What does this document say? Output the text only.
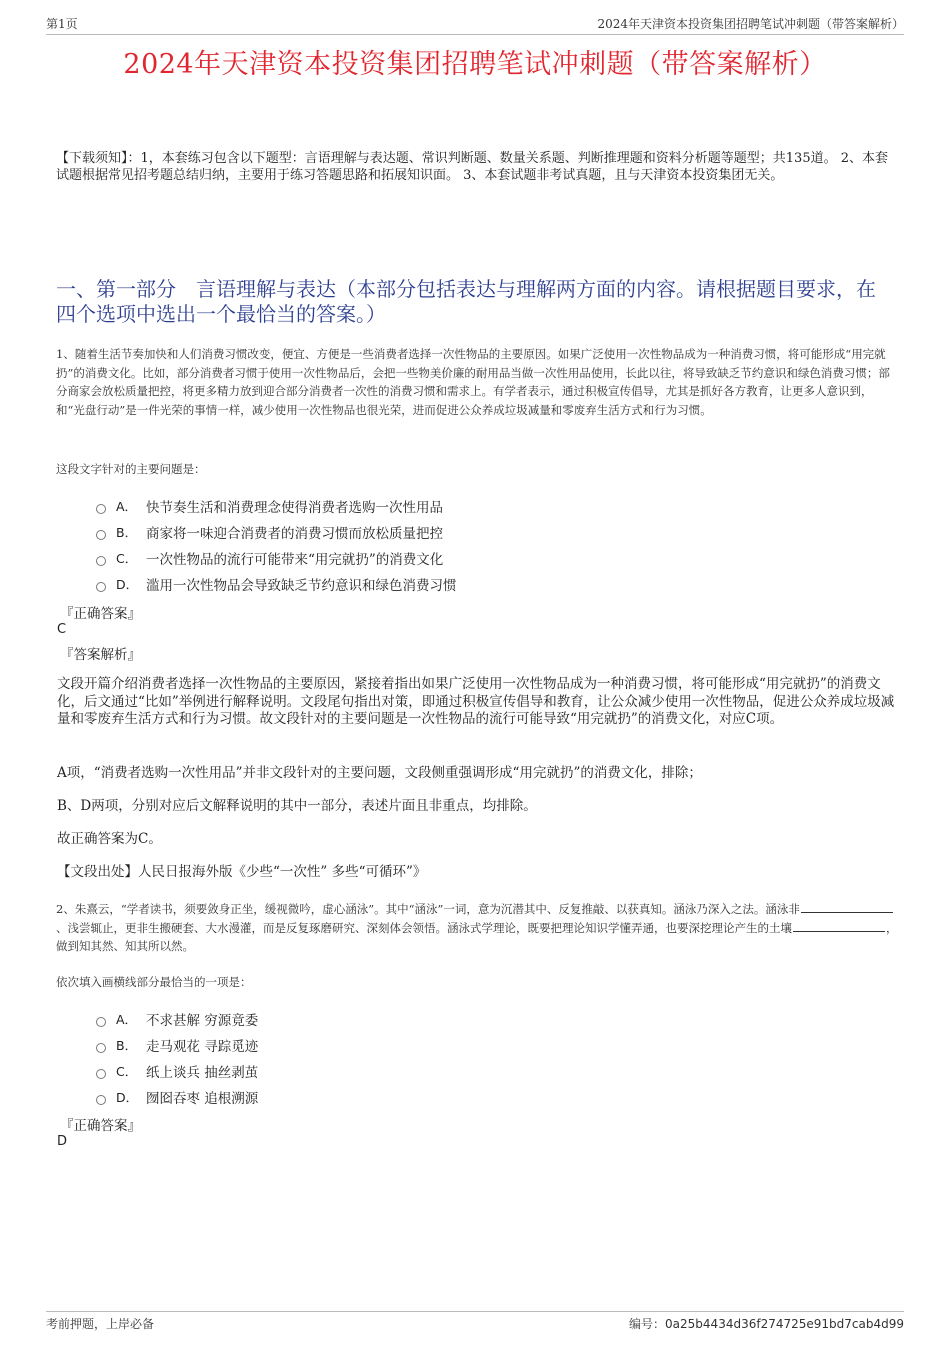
第1页	2024年天津资本投资集团招聘笔试冲刺题（带答案解析）
2024年天津资本投资集团招聘笔试冲刺题（带答案解析）
【下载须知】：1，本套练习包含以下题型：言语理解与表达题、常识判断题、数量关系题、判断推理题和资料分析题等题型；共135道。 2、本套试题根据常见招考题总结归纳，主要用于练习答题思路和拓展知识面。 3、本套试题非考试真题，且与天津资本投资集团无关。
一、第一部分　言语理解与表达（本部分包括表达与理解两方面的内容。请根据题目要求，在四个选项中选出一个最恰当的答案。）
1、随着生活节奏加快和人们消费习惯改变，便宜、方便是一些消费者选择一次性物品的主要原因。如果广泛使用一次性物品成为一种消费习惯，将可能形成“用完就扔”的消费文化。比如，部分消费者习惯于使用一次性物品后，会把一些物美价廉的耐用品当做一次性用品使用，长此以往，将导致缺乏节约意识和绿色消费习惯；部分商家会放松质量把控，将更多精力放到迎合部分消费者一次性的消费习惯和需求上。有学者表示，通过积极宣传倡导，尤其是抓好各方教育，让更多人意识到，和“光盘行动”是一件光荣的事情一样，减少使用一次性物品也很光荣，进而促进公众养成垃圾减量和零废弃生活方式和行为习惯。
这段文字针对的主要问题是：
A． 快节奏生活和消费理念使得消费者选购一次性用品
B． 商家将一味迎合消费者的消费习惯而放松质量把控
C． 一次性物品的流行可能带来“用完就扔”的消费文化
D． 滥用一次性物品会导致缺乏节约意识和绿色消费习惯
『正确答案』
C
『答案解析』
文段开篇介绍消费者选择一次性物品的主要原因，紧接着指出如果广泛使用一次性物品成为一种消费习惯，将可能形成“用完就扔”的消费文化，后文通过“比如”举例进行解释说明。文段尾句指出对策，即通过积极宣传倡导和教育，让公众减少使用一次性物品，促进公众养成垃圾减量和零废弃生活方式和行为习惯。故文段针对的主要问题是一次性物品的流行可能导致“用完就扔”的消费文化，对应C项。
A项，“消费者选购一次性用品”并非文段针对的主要问题，文段侧重强调形成“用完就扔”的消费文化，排除；
B、D两项，分别对应后文解释说明的其中一部分，表述片面且非重点，均排除。
故正确答案为C。
【文段出处】人民日报海外版《少些“一次性” 多些“可循环”》
2、朱熹云，“学者读书，须要敛身正坐，缓视微吟，虚心涵泳”。其中“涵泳”一词，意为沉潜其中、反复推敲、以获真知。涵泳乃深入之法。涵泳非、浅尝辄止，更非生搬硬套、大水漫灌，而是反复琢磨研究、深刻体会领悟。涵泳式学理论，既要把理论知识学懂弄通，也要深挖理论产生的土壤	，做到知其然、知其所以然。
依次填入画横线部分最恰当的一项是：
A． 不求甚解 穷源竟委
B． 走马观花 寻踪觅迹
C． 纸上谈兵 抽丝剥茧
D． 囫囵吞枣 追根溯源
『正确答案』
D
考前押题，上岸必备	编号：0a25b4434d36f274725e91bd7cab4d99
